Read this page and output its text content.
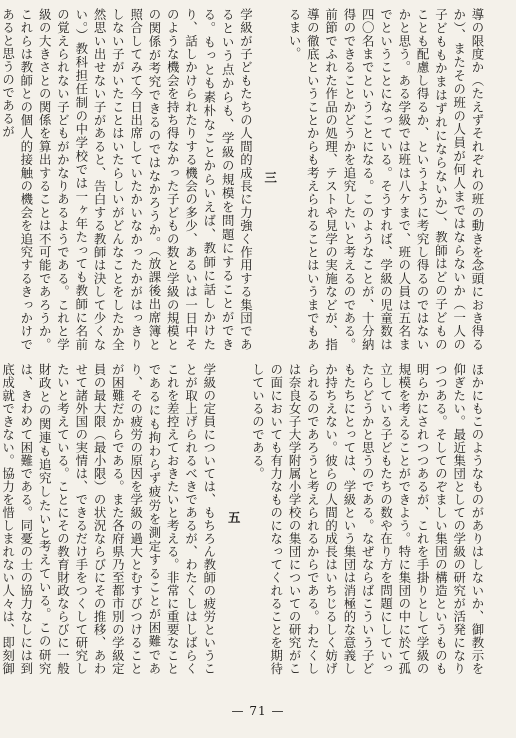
導の限度か（たえずそれぞれの班の動きを念頭におき得るか）、またその班の人員が何人まではならないか（一人の子どももかまはずれにならないか）、教師はどの子どものことも配慮し得るか、というように考究し得るのではないかと思う。ある学級では班は八ケまで、班の人員は五名までということになっている。そうすれば、学級の児童数は四〇名までということになる。このようなことが、十分納得のできることかどうかを追究したいと考えるのである。前節でふれた作品の処理、テストや見学の実施などが、指導の徹底ということからも考えられることはいうまでもあるまい。

三

学級が子どもたちの人間的成長に力強く作用する集団であるという点からも、学級の規模を問題にすることができる。もっとも素朴なことからいえば、教師に話しかけたり、話しかけられたりする機会の多少、あるいは一日中そのような機会を持ち得なかった子どもの数と学級の規模との関係が考究できるのではなかろうか。（放課後出席簿と照合してみて今日出席していたかいなかったかがはっきりしない子がいたことはいたらしいがどんなことをしたか全然思い出せない子があると、告白する教師は決して少くない。）教科担任制の中学校では一ヶ年たっても教師に名前の覚えられない子どもがかなりあるようである。これと学級の大きさとの関係を算出することは不可能であろうか。これらは教師との個人的接触の機会を追究するきっかけであると思うのであるが

ほかにもこのようなものがありはしないか、御教示を仰ぎたい。最近集団としての学級の研究が活発になりつつある。そしてのぞましい集団の構造というものも明らかにされつつあるが、これを手掛りとして学級の規模を考えることができよう。特に集団の中に於て孤立している子どもたちの数や在り方を問題にしていったらどうかと思うのである。なぜならばこういう子どもたちにとっては、学級という集団は消極的な意義しか持ちえない。彼らの人間的成長はいちじるしく妨げられるのであろうと考えられるからである。わたくしは奈良女子大学附属小学校の集団についての研究がこの面においても有力なものになってくれることを期待しているのである。

五

学級の定員については、もちろん教師の疲労ということが取上げられるべきであるが、わたくしはしばらくこれを差控えておきたいと考える。非常に重要なことであるにも拘わらず疲労を測定することが困難であり、その疲労の原因を学級の過大とむすびつけることが困難だからである。また各府県乃至都市別の学級定員の最大限（最小限）の状況ならびにその推移、あわせて諸外国の実情は、できるだけ手をつくして研究したいと考えている。ことにその教育財政ならびに一般財政との関連も追究したいと考えている。この研究は、きわめて困難である。同憂の士の協力なしには到底成就できない。協力を惜しまれない人々は、即刻御

— 71 —
